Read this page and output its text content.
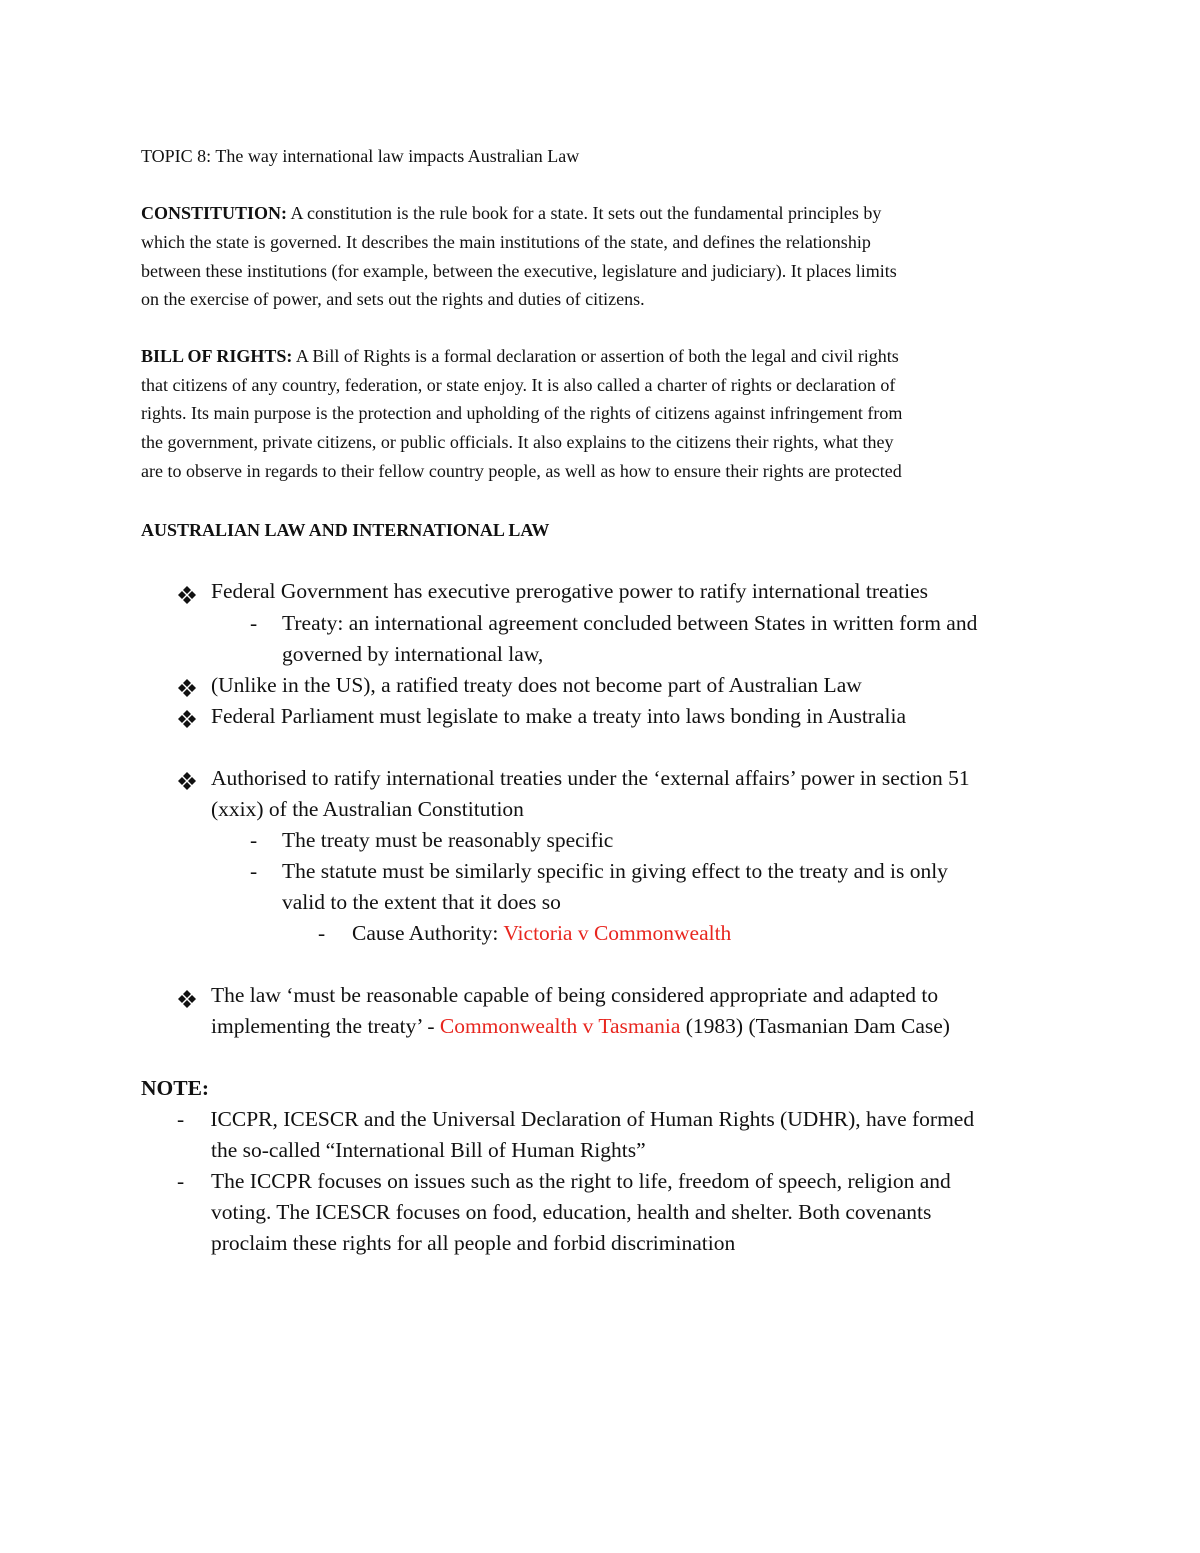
TOPIC 8: The way international law impacts Australian Law
CONSTITUTION: A constitution is the rule book for a state. It sets out the fundamental principles by
which the state is governed. It describes the main institutions of the state, and defines the relationship
between these institutions (for example, between the executive, legislature and judiciary). It places limits
on the exercise of power, and sets out the rights and duties of citizens.
BILL OF RIGHTS: A Bill of Rights is a formal declaration or assertion of both the legal and civil rights
that citizens of any country, federation, or state enjoy. It is also called a charter of rights or declaration of
rights. Its main purpose is the protection and upholding of the rights of citizens against infringement from
the government, private citizens, or public officials. It also explains to the citizens their rights, what they
are to observe in regards to their fellow country people, as well as how to ensure their rights are protected
AUSTRALIAN LAW AND INTERNATIONAL LAW
Federal Government has executive prerogative power to ratify international treaties
- Treaty: an international agreement concluded between States in written form and
governed by international law,
(Unlike in the US), a ratified treaty does not become part of Australian Law
Federal Parliament must legislate to make a treaty into laws bonding in Australia
Authorised to ratify international treaties under the ‘external affairs’ power in section 51
(xxix) of the Australian Constitution
- The treaty must be reasonably specific
- The statute must be similarly specific in giving effect to the treaty and is only
valid to the extent that it does so
- Cause Authority: Victoria v Commonwealth
The law ‘must be reasonable capable of being considered appropriate and adapted to
implementing the treaty’ - Commonwealth v Tasmania (1983) (Tasmanian Dam Case)
NOTE:
- ICCPR, ICESCR and the Universal Declaration of Human Rights (UDHR), have formed
the so-called “International Bill of Human Rights”
- The ICCPR focuses on issues such as the right to life, freedom of speech, religion and
voting. The ICESCR focuses on food, education, health and shelter. Both covenants
proclaim these rights for all people and forbid discrimination
